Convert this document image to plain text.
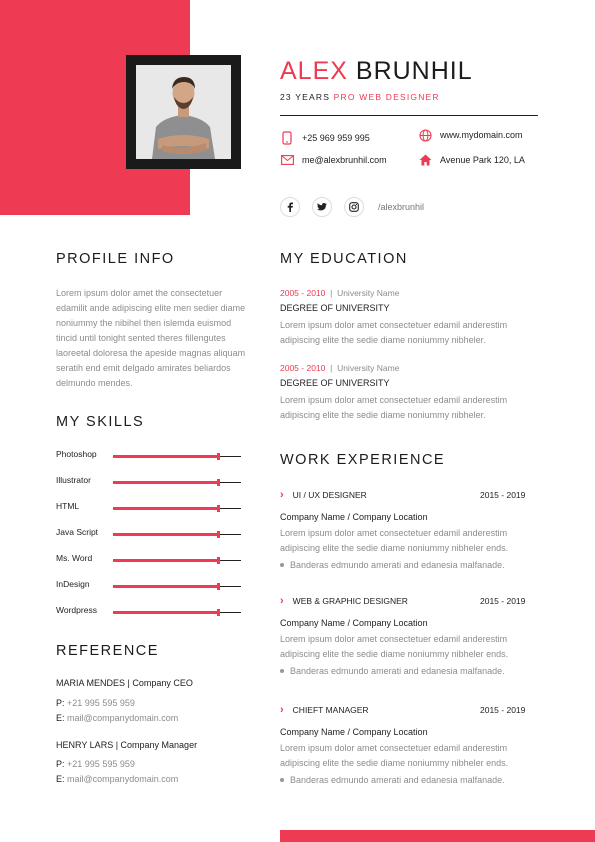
ALEX BRUNHIL
23 YEARS PRO WEB DESIGNER
+25 969 959 995	www.mydomain.com
me@alexbrunhil.com	Avenue Park 120, LA
/alexbrunhil
PROFILE INFO
Lorem ipsum dolor amet the consectetuer edamilit ande adipiscing elite men sedier diame noniummy the nibihel then islemda euismod tincid until tonight sented theres fillengutes laoreetal doloresa the apeside magnas aliquam seratih end emit delgado amirates beliardos delmundo mendes.
MY SKILLS
Photoshop
Illustrator
HTML
Java Script
Ms. Word
InDesign
Wordpress
REFERENCE
MARIA MENDES | Company CEO
P: +21 995 595 959
E: mail@companydomain.com
HENRY LARS | Company Manager
P: +21 995 595 959
E: mail@companydomain.com
MY EDUCATION
2005 - 2010 | University Name
DEGREE OF UNIVERSITY
Lorem ipsum dolor amet consectetuer edamil anderestim adipiscing elite the sedie diame noniummy nibheler.
2005 - 2010 | University Name
DEGREE OF UNIVERSITY
Lorem ipsum dolor amet consectetuer edamil anderestim adipiscing elite the sedie diame noniummy nibheler.
WORK EXPERIENCE
› UI / UX DESIGNER	2015 - 2019
Company Name / Company Location
Lorem ipsum dolor amet consectetuer edamil anderestim adipiscing elite the sedie diame noniummy nibheler ends.
Banderas edmundo amerati and edanesia malfanade.
› WEB & GRAPHIC DESIGNER	2015 - 2019
Company Name / Company Location
Lorem ipsum dolor amet consectetuer edamil anderestim adipiscing elite the sedie diame noniummy nibheler ends.
Banderas edmundo amerati and edanesia malfanade.
› CHIEFT MANAGER	2015 - 2019
Company Name / Company Location
Lorem ipsum dolor amet consectetuer edamil anderestim adipiscing elite the sedie diame noniummy nibheler ends.
Banderas edmundo amerati and edanesia malfanade.
